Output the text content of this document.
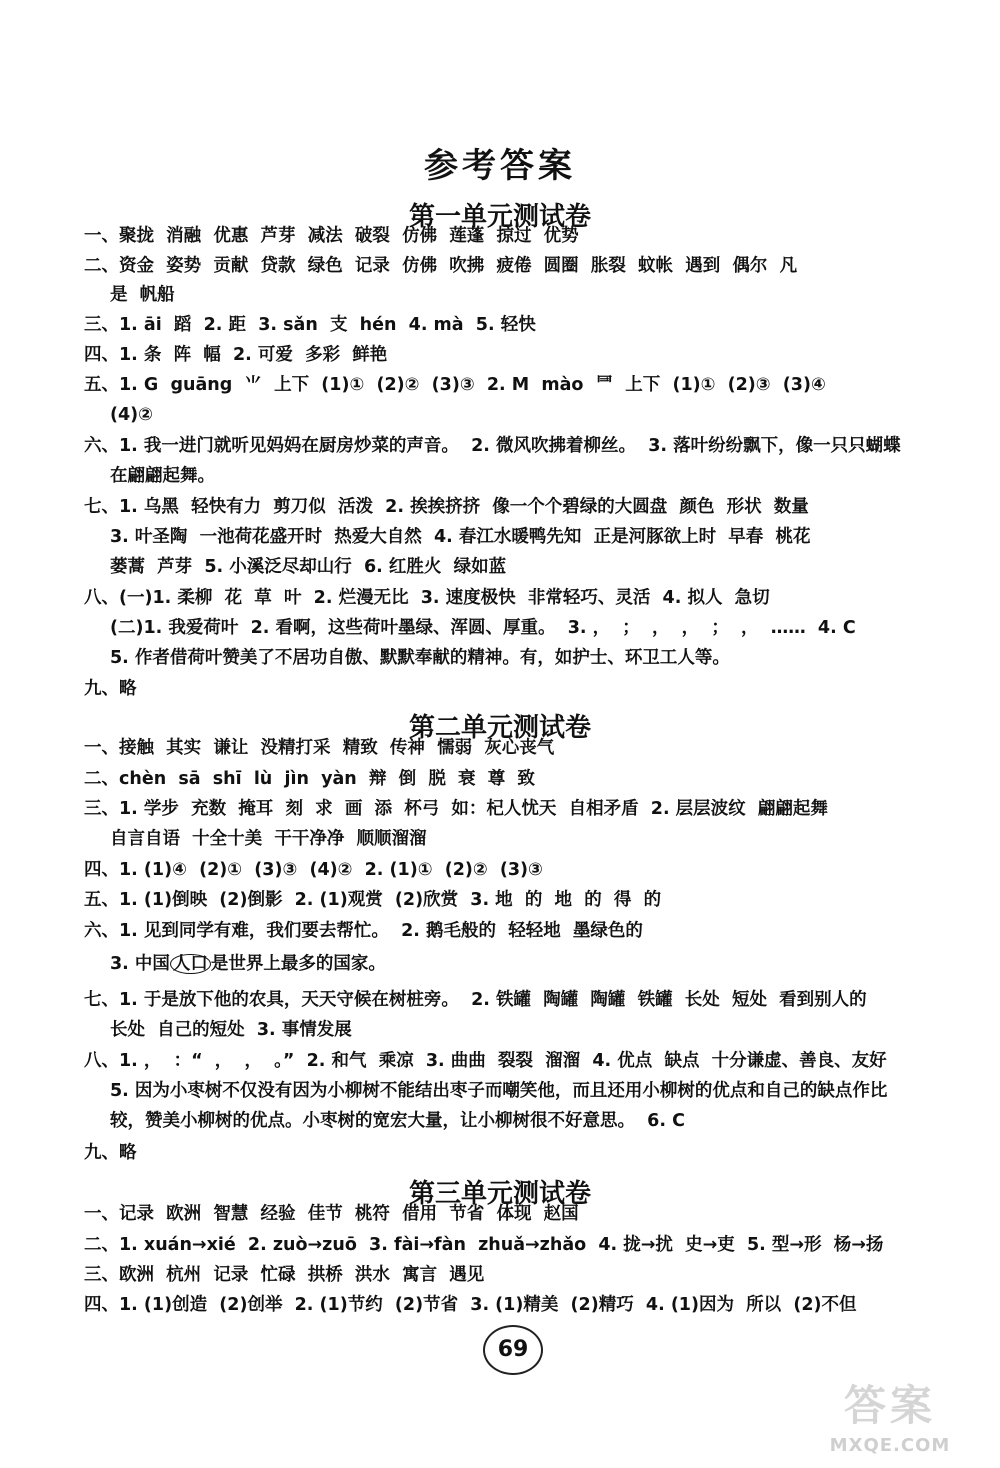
参考答案
第一单元测试卷
一、聚拢  消融  优惠  芦芽  减法  破裂  仿佛  莲蓬  掠过  优势
二、资金  姿势  贡献  贷款  绿色  记录  仿佛  吹拂  疲倦  圆圈  胀裂  蚊帐  遇到  偶尔  凡
是  帆船
三、1. āi  蹈  2. 距  3. sǎn  支  hén  4. mà  5. 轻快
四、1. 条  阵  幅  2. 可爱  多彩  鲜艳
五、1. G  guāng  ⺌  上下  (1)①  (2)②  (3)③  2. M  mào  ⺜  上下  (1)①  (2)③  (3)④
(4)②
六、1. 我一进门就听见妈妈在厨房炒菜的声音。  2. 微风吹拂着柳丝。  3. 落叶纷纷飘下，像一只只蝴蝶
在翩翩起舞。
七、1. 乌黑  轻快有力  剪刀似  活泼  2. 挨挨挤挤  像一个个碧绿的大圆盘  颜色  形状  数量
3. 叶圣陶  一池荷花盛开时  热爱大自然  4. 春江水暖鸭先知  正是河豚欲上时  早春  桃花
蒌蒿  芦芽  5. 小溪泛尽却山行  6. 红胜火  绿如蓝
八、(一)1. 柔柳  花  草  叶  2. 烂漫无比  3. 速度极快  非常轻巧、灵活  4. 拟人  急切
(二)1. 我爱荷叶  2. 看啊，这些荷叶墨绿、浑圆、厚重。  3. ，  ；  ，  ，  ；  ，  ……  4. C
5. 作者借荷叶赞美了不居功自傲、默默奉献的精神。有，如护士、环卫工人等。
九、略
第二单元测试卷
一、接触  其实  谦让  没精打采  精致  传神  懦弱  灰心丧气
二、chèn  sā  shī  lù  jìn  yàn  辩  倒  脱  衰  尊  致
三、1. 学步  充数  掩耳  刻  求  画  添  杯弓  如：杞人忧天  自相矛盾  2. 层层波纹  翩翩起舞
自言自语  十全十美  干干净净  顺顺溜溜
四、1. (1)④  (2)①  (3)③  (4)②  2. (1)①  (2)②  (3)③
五、1. (1)倒映  (2)倒影  2. (1)观赏  (2)欣赏  3. 地  的  地  的  得  的
六、1. 见到同学有难，我们要去帮忙。  2. 鹅毛般的  轻轻地  墨绿色的
3. 中国 人口 是世界上最多的国家。
七、1. 于是放下他的农具，天天守候在树桩旁。  2. 铁罐  陶罐  陶罐  铁罐  长处  短处  看到别人的
长处  自己的短处  3. 事情发展
八、1. ，  ：“  ，  ，  。”  2. 和气  乘凉  3. 曲曲  裂裂  溜溜  4. 优点  缺点  十分谦虚、善良、友好
5. 因为小枣树不仅没有因为小柳树不能结出枣子而嘲笑他，而且还用小柳树的优点和自己的缺点作比
较，赞美小柳树的优点。小枣树的宽宏大量，让小柳树很不好意思。  6. C
九、略
第三单元测试卷
一、记录  欧洲  智慧  经验  佳节  桃符  借用  节省  体现  赵国
二、1. xuán→xié  2. zuò→zuō  3. fài→fàn  zhuǎ→zhǎo  4. 拢→扰  史→吏  5. 型→形  杨→扬
三、欧洲  杭州  记录  忙碌  拱桥  洪水  寓言  遇见
四、1. (1)创造  (2)创举  2. (1)节约  (2)节省  3. (1)精美  (2)精巧  4. (1)因为  所以  (2)不但
69
答案
MXQE.COM
